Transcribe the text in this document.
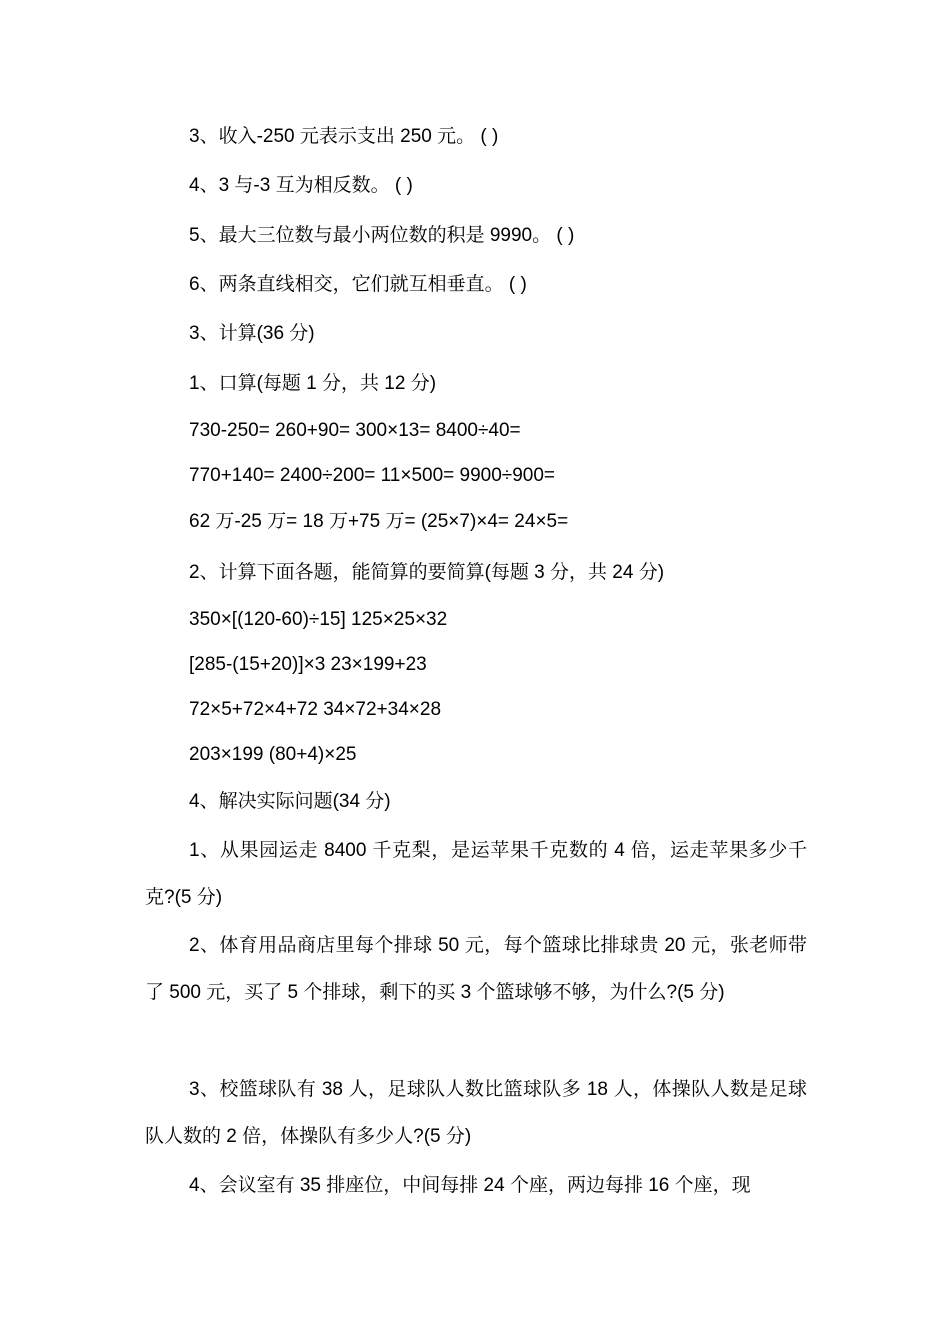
3、收入-250 元表示支出 250 元。 ( )
4、3 与-3 互为相反数。 ( )
5、最大三位数与最小两位数的积是 9990。 ( )
6、两条直线相交，它们就互相垂直。 ( )
3、计算(36 分)
1、口算(每题 1 分，共 12 分)
730-250= 260+90= 300×13= 8400÷40=
770+140= 2400÷200= 11×500= 9900÷900=
62 万-25 万= 18 万+75 万= (25×7)×4= 24×5=
2、计算下面各题，能简算的要简算(每题 3 分，共 24 分)
350×[(120-60)÷15] 125×25×32
[285-(15+20)]×3 23×199+23
72×5+72×4+72 34×72+34×28
203×199 (80+4)×25
4、解决实际问题(34 分)
1、从果园运走 8400 千克梨，是运苹果千克数的 4 倍，运走苹果多少千克?(5 分)
2、体育用品商店里每个排球 50 元，每个篮球比排球贵 20 元，张老师带了 500 元，买了 5 个排球，剩下的买 3 个篮球够不够，为什么?(5 分)
3、校篮球队有 38 人，足球队人数比篮球队多 18 人，体操队人数是足球队人数的 2 倍，体操队有多少人?(5 分)
4、会议室有 35 排座位，中间每排 24 个座，两边每排 16 个座，现
